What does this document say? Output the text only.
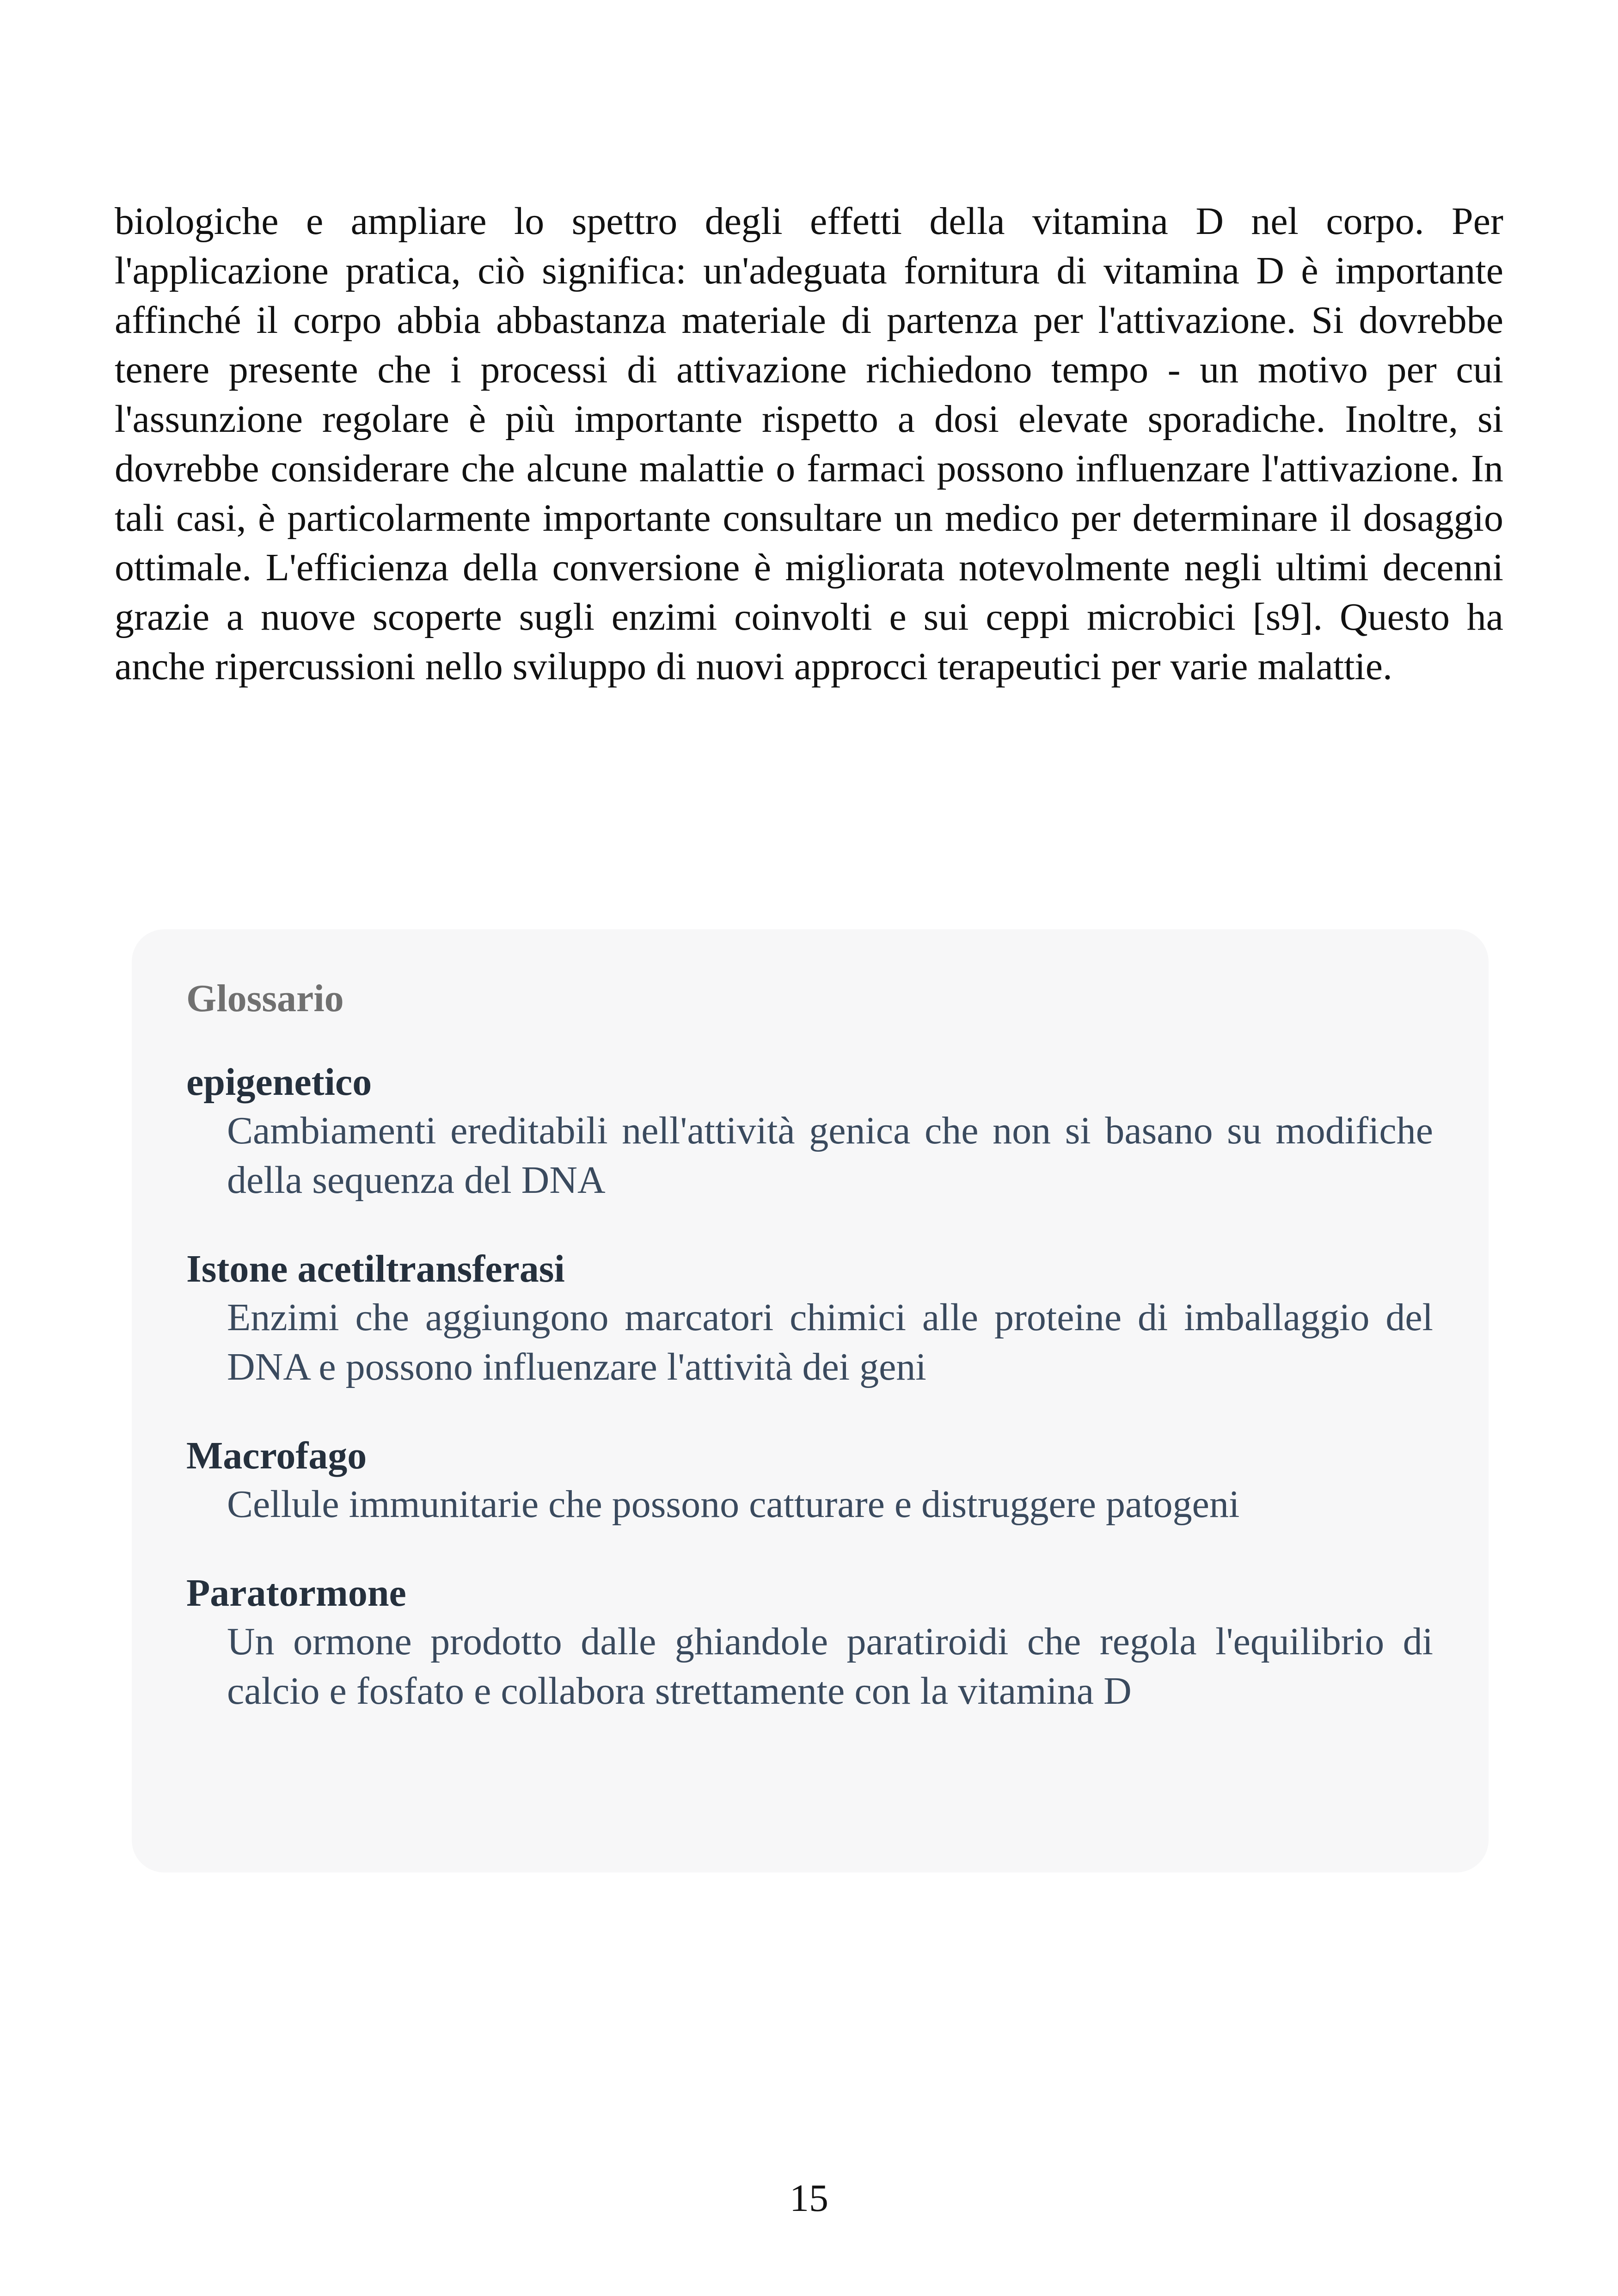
biologiche e ampliare lo spettro degli effetti della vitamina D nel corpo. Per l'applicazione pratica, ciò significa: un'adeguata fornitura di vitamina D è importante affinché il corpo abbia abbastanza materiale di partenza per l'attivazione. Si dovrebbe tenere presente che i processi di attivazione richiedono tempo - un motivo per cui l'assunzione regolare è più importante rispetto a dosi elevate sporadiche. Inoltre, si dovrebbe considerare che alcune malattie o farmaci possono influenzare l'attivazione. In tali casi, è particolarmente importante consultare un medico per determinare il dosaggio ottimale. L'efficienza della conversione è migliorata notevolmente negli ultimi decenni grazie a nuove scoperte sugli enzimi coinvolti e sui ceppi microbici [s9]. Questo ha anche ripercussioni nello sviluppo di nuovi approcci terapeutici per varie malattie.

Glossario
epigenetico
Cambiamenti ereditabili nell'attività genica che non si basano su modifiche della sequenza del DNA
Istone acetiltransferasi
Enzimi che aggiungono marcatori chimici alle proteine di imballaggio del DNA e possono influenzare l'attività dei geni
Macrofago
Cellule immunitarie che possono catturare e distruggere patogeni
Paratormone
Un ormone prodotto dalle ghiandole paratiroidi che regola l'equilibrio di calcio e fosfato e collabora strettamente con la vitamina D
15
